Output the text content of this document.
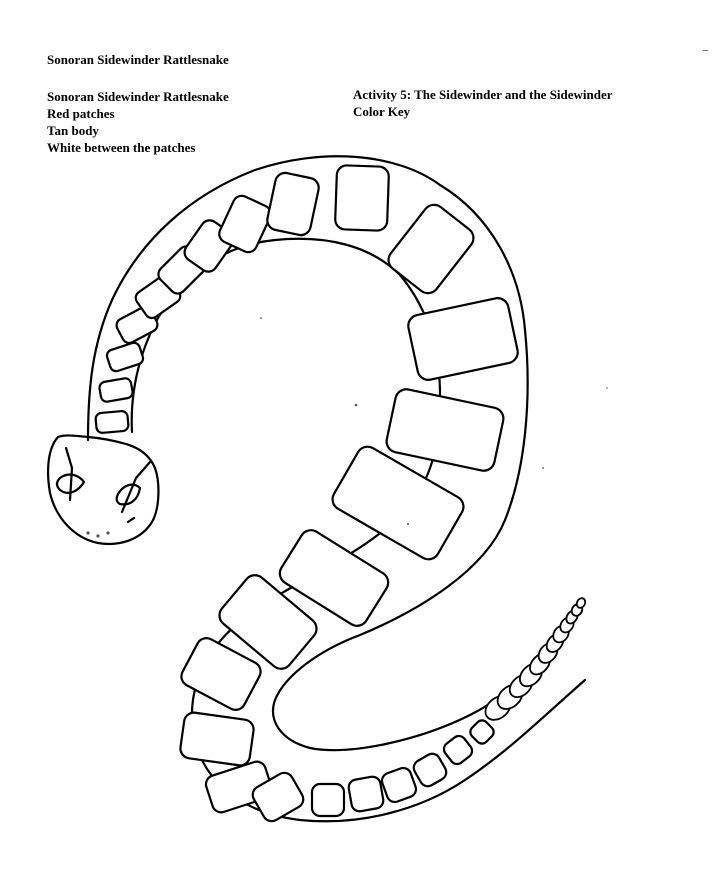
Sonoran Sidewinder Rattlesnake
Sonoran Sidewinder Rattlesnake
Red patches
Tan body
White between the patches
Activity 5: The Sidewinder and the Sidewinder
Color Key
